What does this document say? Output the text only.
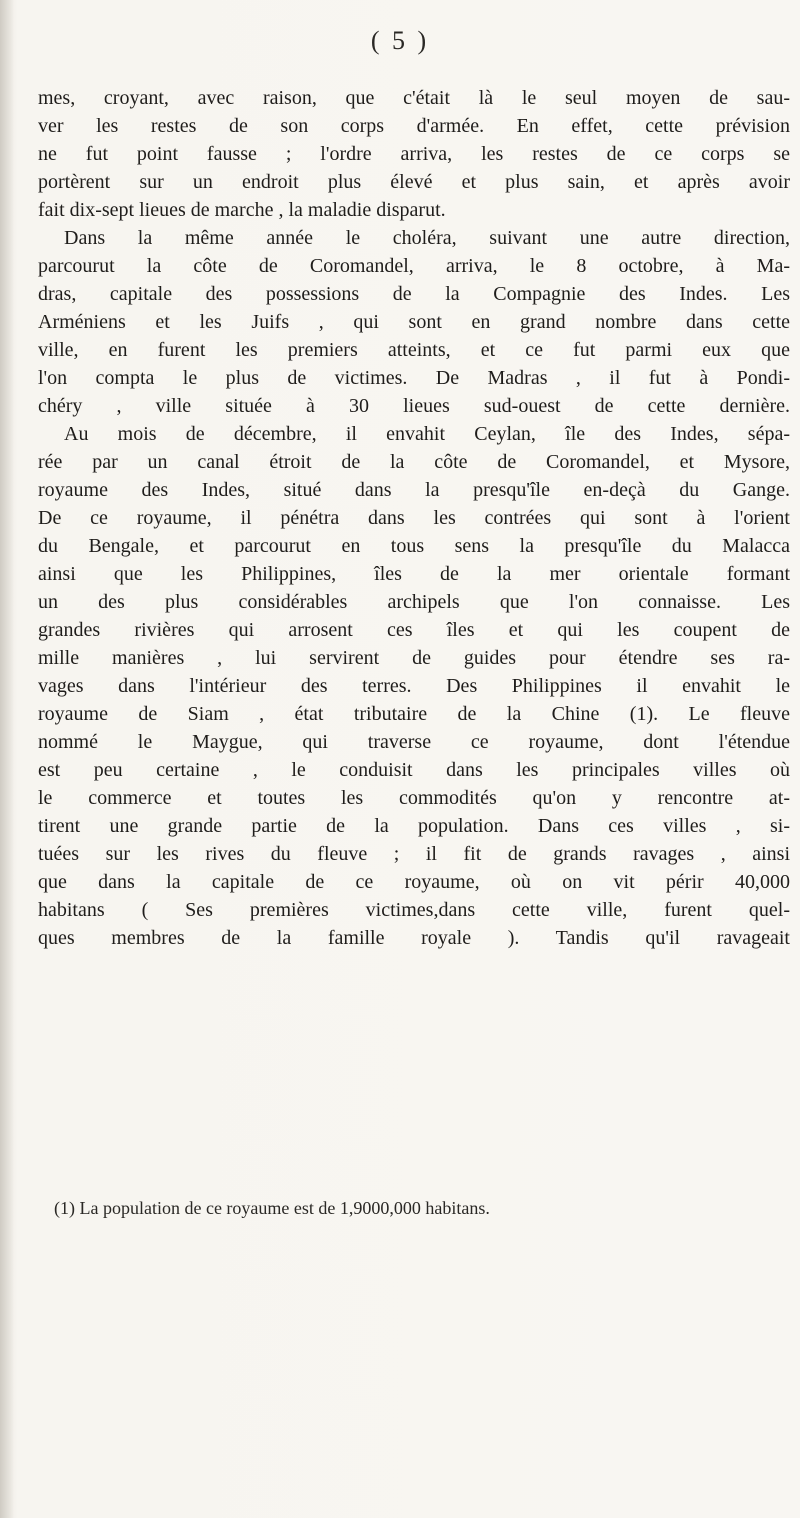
( 5 )
mes, croyant, avec raison, que c'était là le seul moyen de sau-
ver les restes de son corps d'armée. En effet, cette prévision
ne fut point fausse ; l'ordre arriva, les restes de ce corps se
portèrent sur un endroit plus élevé et plus sain, et après avoir
fait dix-sept lieues de marche , la maladie disparut.
Dans la même année le choléra, suivant une autre direction,
parcourut la côte de Coromandel, arriva, le 8 octobre, à Ma-
dras, capitale des possessions de la Compagnie des Indes. Les
Arméniens et les Juifs , qui sont en grand nombre dans cette
ville, en furent les premiers atteints, et ce fut parmi eux que
l'on compta le plus de victimes. De Madras , il fut à Pondi-
chéry , ville située à 30 lieues sud-ouest de cette dernière.
Au mois de décembre, il envahit Ceylan, île des Indes, sépa-
rée par un canal étroit de la côte de Coromandel, et Mysore,
royaume des Indes, situé dans la presqu'île en-deçà du Gange.
De ce royaume, il pénétra dans les contrées qui sont à l'orient
du Bengale, et parcourut en tous sens la presqu'île du Malacca
ainsi que les Philippines, îles de la mer orientale formant
un des plus considérables archipels que l'on connaisse. Les
grandes rivières qui arrosent ces îles et qui les coupent de
mille manières , lui servirent de guides pour étendre ses ra-
vages dans l'intérieur des terres. Des Philippines il envahit le
royaume de Siam , état tributaire de la Chine (1). Le fleuve
nommé le Maygue, qui traverse ce royaume, dont l'étendue
est peu certaine , le conduisit dans les principales villes où
le commerce et toutes les commodités qu'on y rencontre at-
tirent une grande partie de la population. Dans ces villes , si-
tuées sur les rives du fleuve ; il fit de grands ravages , ainsi
que dans la capitale de ce royaume, où on vit périr 40,000
habitans ( Ses premières victimes,dans cette ville, furent quel-
ques membres de la famille royale ). Tandis qu'il ravageait
(1) La population de ce royaume est de 1,9000,000 habitans.
